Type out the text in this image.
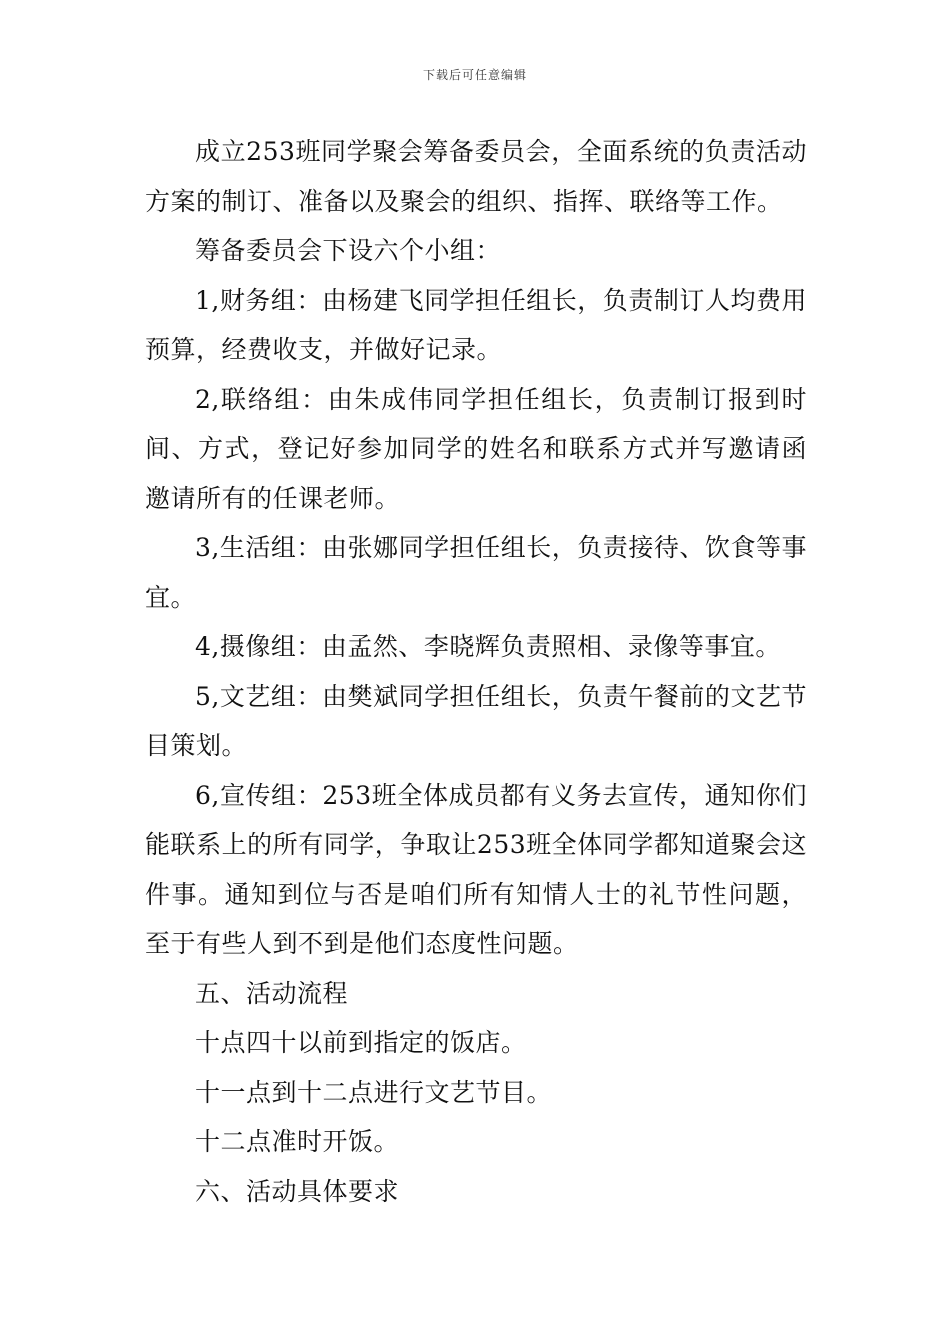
下载后可任意编辑

成立253班同学聚会筹备委员会，全面系统的负责活动方案的制订、准备以及聚会的组织、指挥、联络等工作。

筹备委员会下设六个小组：

1,财务组：由杨建飞同学担任组长，负责制订人均费用预算，经费收支，并做好记录。

2,联络组：由朱成伟同学担任组长，负责制订报到时间、方式，登记好参加同学的姓名和联系方式并写邀请函邀请所有的任课老师。

3,生活组：由张娜同学担任组长，负责接待、饮食等事宜。

4,摄像组：由孟然、李晓辉负责照相、录像等事宜。

5,文艺组：由樊斌同学担任组长，负责午餐前的文艺节目策划。

6,宣传组：253班全体成员都有义务去宣传，通知你们能联系上的所有同学，争取让253班全体同学都知道聚会这件事。通知到位与否是咱们所有知情人士的礼节性问题，至于有些人到不到是他们态度性问题。

五、活动流程

十点四十以前到指定的饭店。

十一点到十二点进行文艺节目。

十二点准时开饭。

六、活动具体要求
